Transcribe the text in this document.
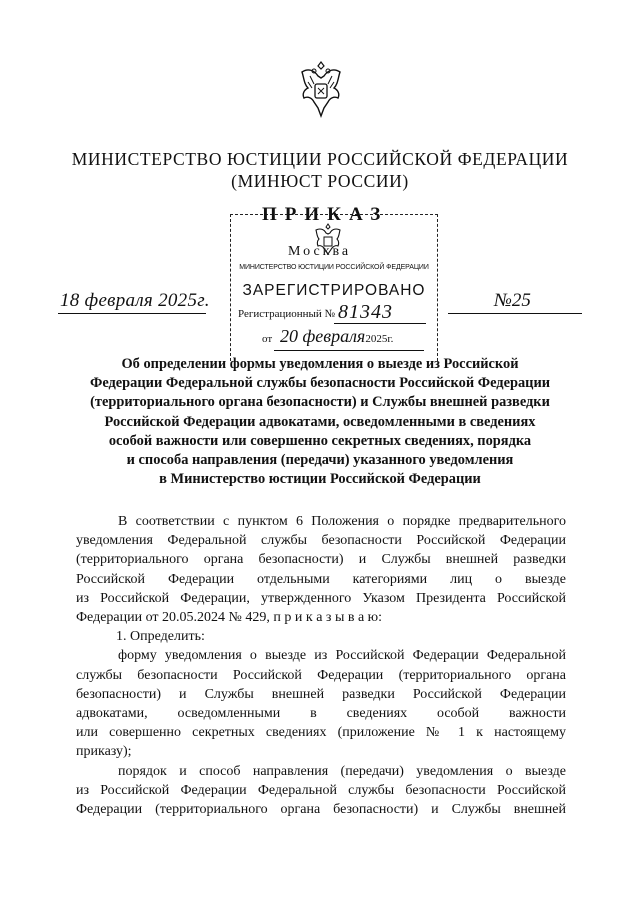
МИНИСТЕРСТВО ЮСТИЦИИ РОССИЙСКОЙ ФЕДЕРАЦИИ
(МИНЮСТ РОССИИ)
ПРИКАЗ
Москва
МИНИСТЕРСТВО ЮСТИЦИИ РОССИЙСКОЙ ФЕДЕРАЦИИ
ЗАРЕГИСТРИРОВАНО
Регистрационный № 81343
от 20 февраля2025г.
18 февраля 2025г.	№25
Об определении формы уведомления о выезде из Российской
Федерации Федеральной службы безопасности Российской Федерации
(территориального органа безопасности) и Службы внешней разведки
Российской Федерации адвокатами, осведомленными в сведениях
особой важности или совершенно секретных сведениях, порядка
и способа направления (передачи) указанного уведомления
в Министерство юстиции Российской Федерации

В соответствии с пунктом 6 Положения о порядке предварительного

уведомления Федеральной службы безопасности Российской Федерации

(территориального органа безопасности) и Службы внешней разведки

Российской Федерации отдельными категориями лиц о выезде

из Российской Федерации, утвержденного Указом Президента Российской

Федерации от 20.05.2024 № 429, п р и к а з ы в а ю:

1. Определить:

форму уведомления о выезде из Российской Федерации Федеральной

службы безопасности Российской Федерации (территориального органа

безопасности) и Службы внешней разведки Российской Федерации

адвокатами, осведомленными в сведениях особой важности

или совершенно секретных сведениях (приложение № 1 к настоящему

приказу);

порядок и способ направления (передачи) уведомления о выезде

из Российской Федерации Федеральной службы безопасности Российской

Федерации (территориального органа безопасности) и Службы внешней
